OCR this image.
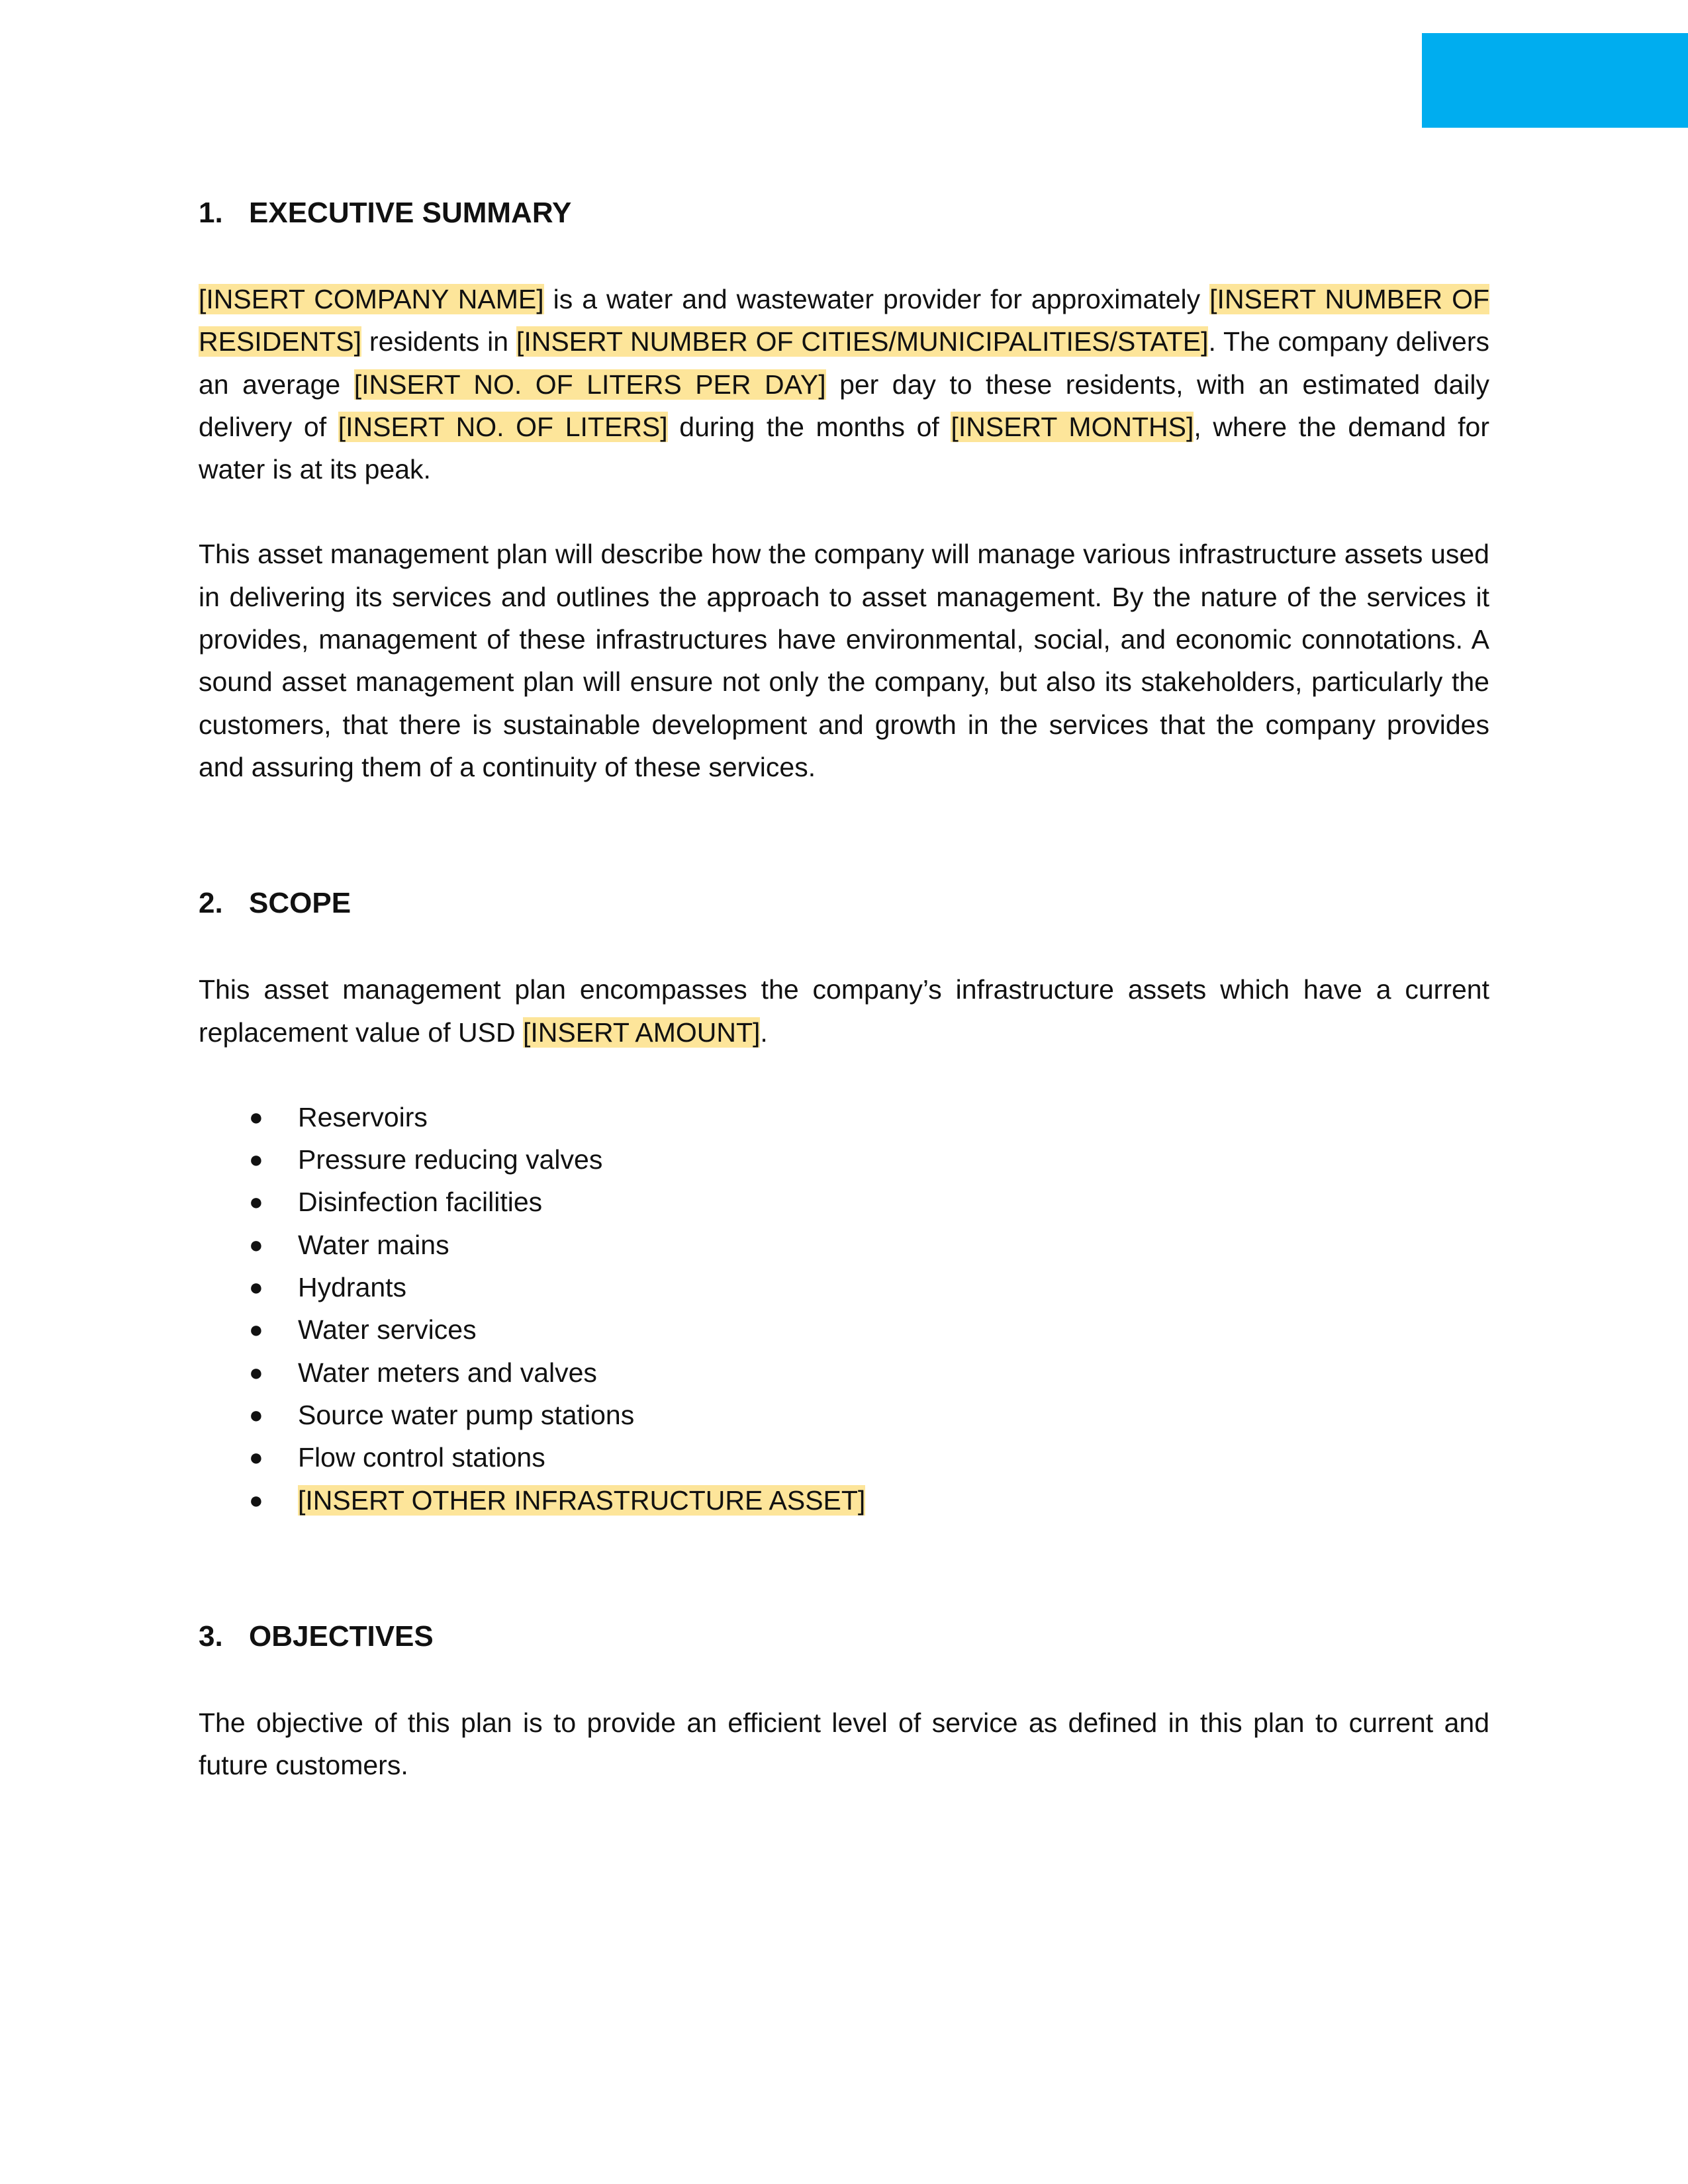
1. EXECUTIVE SUMMARY

[INSERT COMPANY NAME] is a water and wastewater provider for approximately [INSERT NUMBER OF RESIDENTS] residents in [INSERT NUMBER OF CITIES/MUNICIPALITIES/STATE]. The company delivers an average [INSERT NO. OF LITERS PER DAY] per day to these residents, with an estimated daily delivery of [INSERT NO. OF LITERS] during the months of [INSERT MONTHS], where the demand for water is at its peak.

This asset management plan will describe how the company will manage various infrastructure assets used in delivering its services and outlines the approach to asset management. By the nature of the services it provides, management of these infrastructures have environmental, social, and economic connotations. A sound asset management plan will ensure not only the company, but also its stakeholders, particularly the customers, that there is sustainable development and growth in the services that the company provides and assuring them of a continuity of these services.

2. SCOPE

This asset management plan encompasses the company’s infrastructure assets which have a current replacement value of USD [INSERT AMOUNT].

● Reservoirs
● Pressure reducing valves
● Disinfection facilities
● Water mains
● Hydrants
● Water services
● Water meters and valves
● Source water pump stations
● Flow control stations
● [INSERT OTHER INFRASTRUCTURE ASSET]
3. OBJECTIVES

The objective of this plan is to provide an efficient level of service as defined in this plan to current and future customers.
